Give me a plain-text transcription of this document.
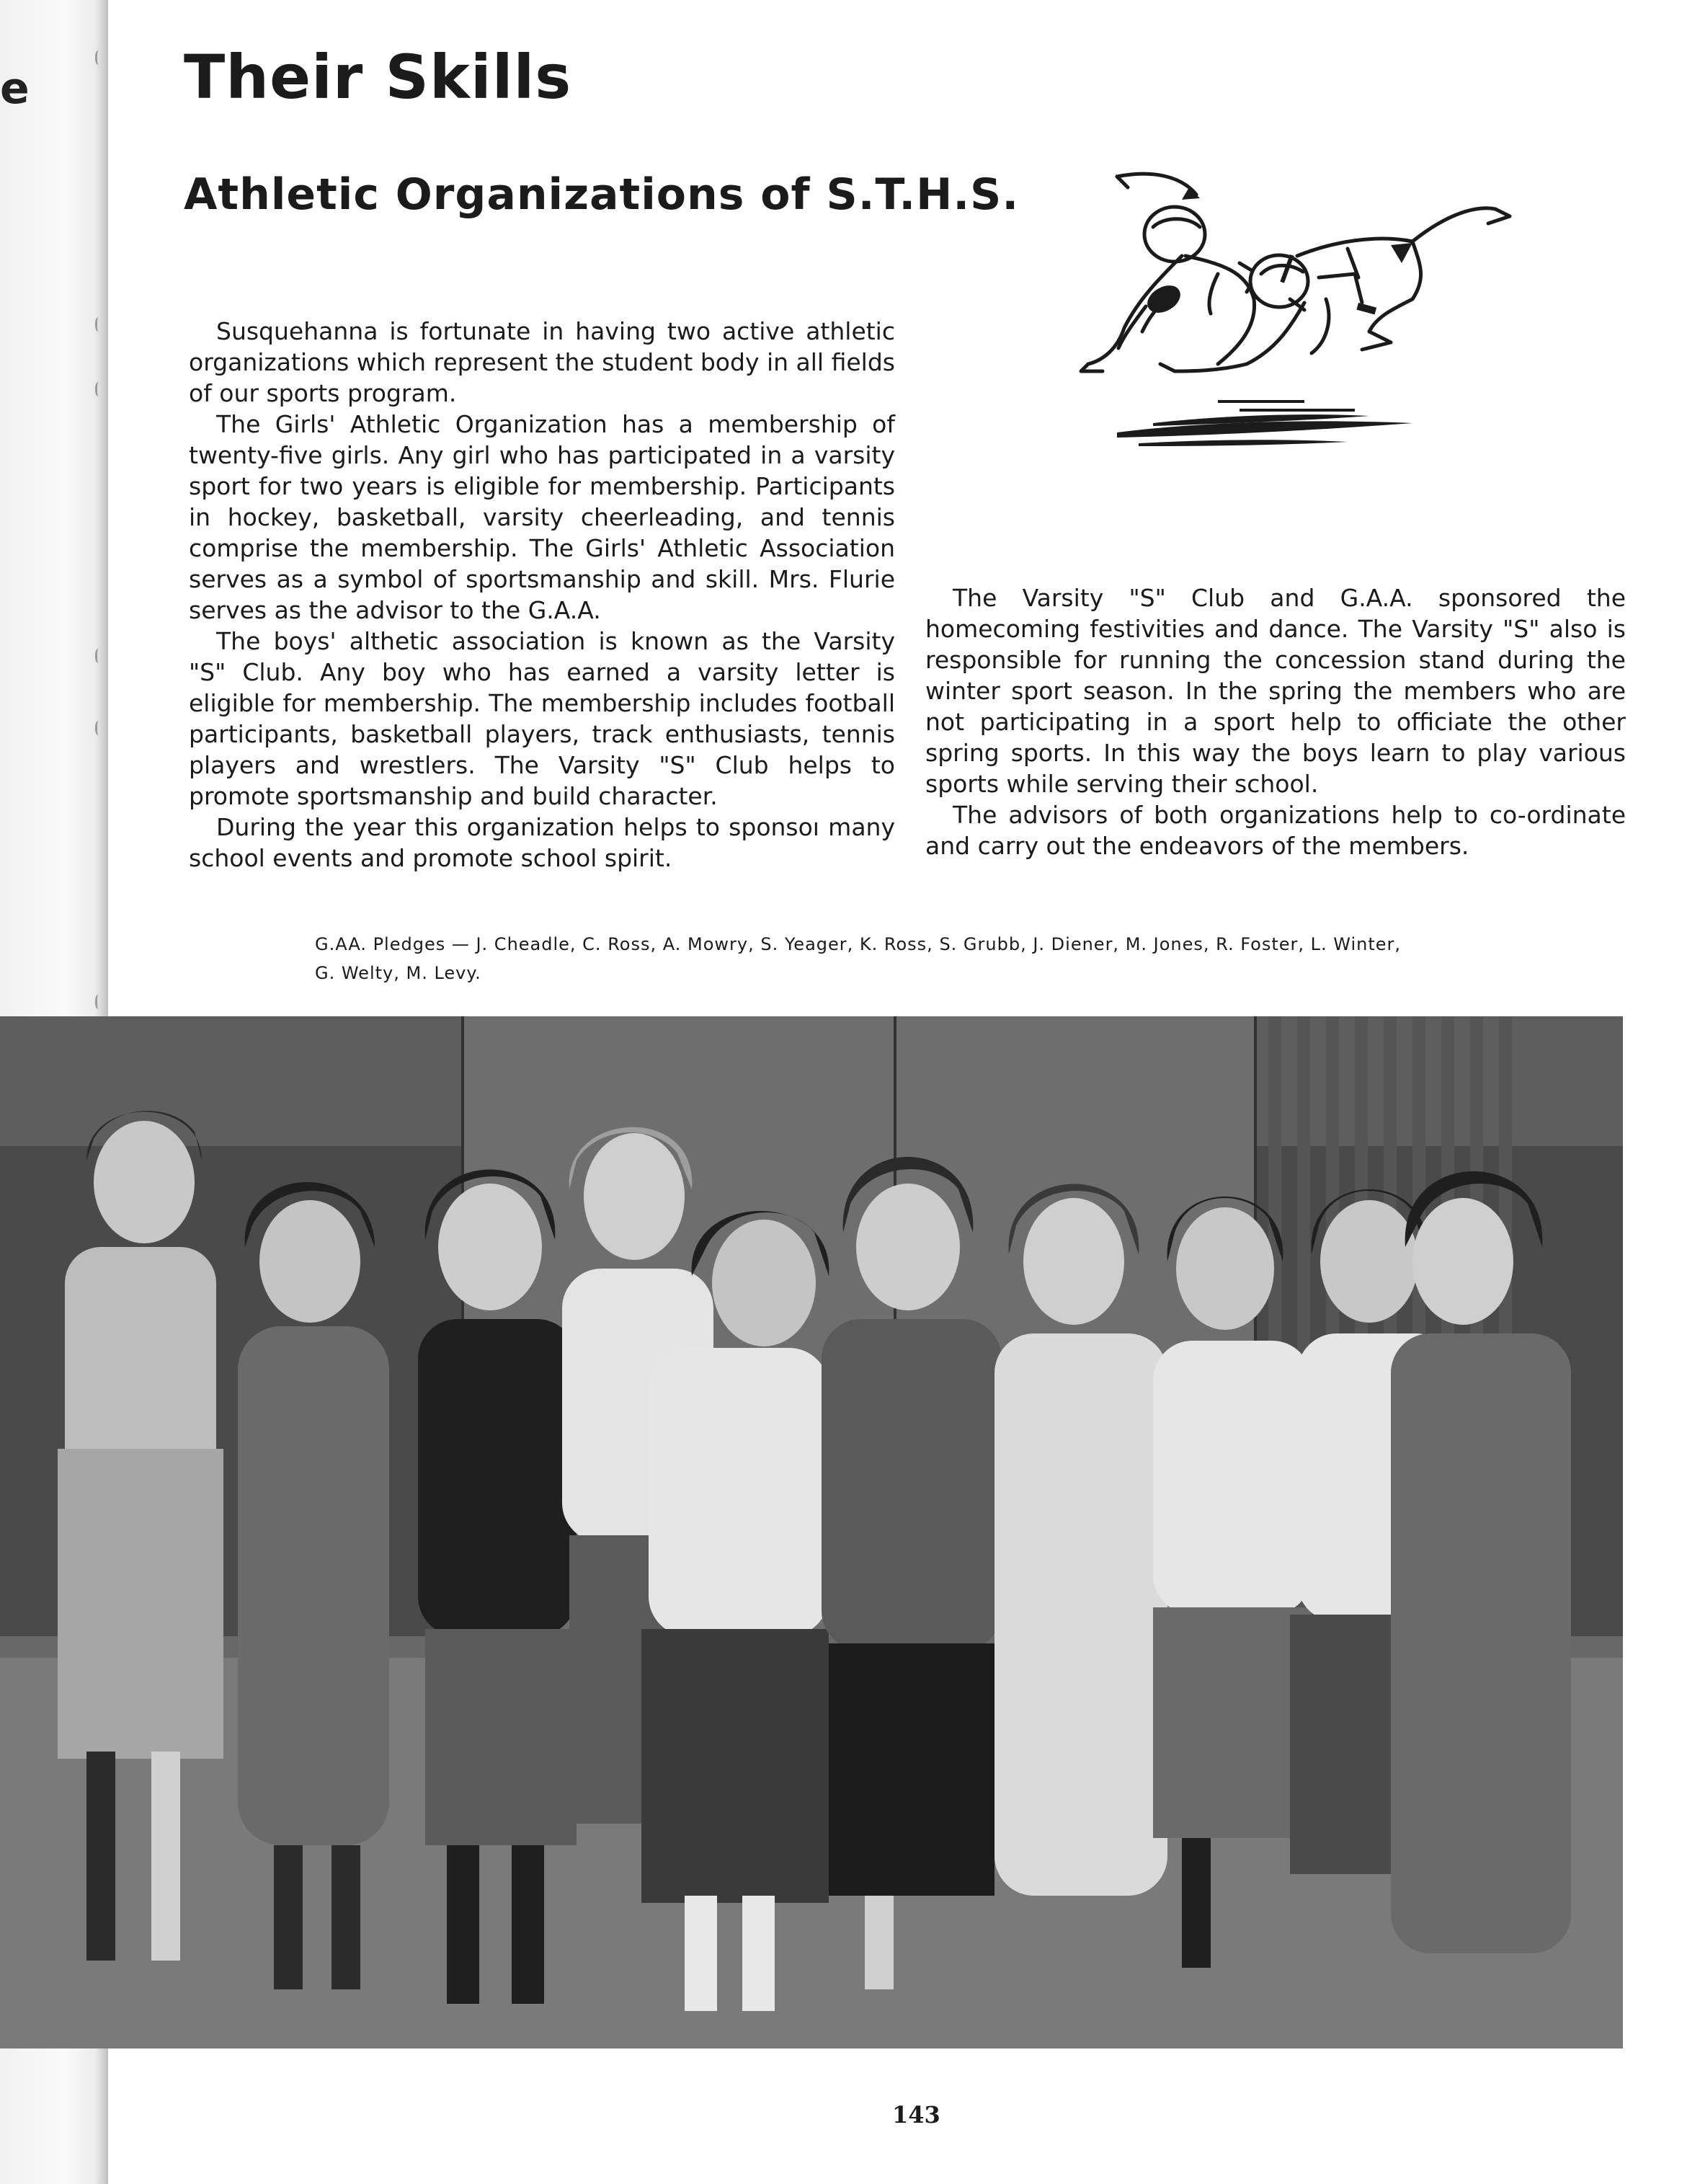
e	Their Skills
Athletic Organizations of S.T.H.S.

Susquehanna is fortunate in having two active athletic organizations which represent the student body in all fields of our sports program.

The Girls' Athletic Organization has a membership of twenty-five girls. Any girl who has participated in a varsity sport for two years is eligible for membership. Participants in hockey, basketball, varsity cheerleading, and tennis comprise the membership. The Girls' Athletic Association serves as a symbol of sportsmanship and skill. Mrs. Flurie serves as the advisor to the G.A.A.

The boys' althetic association is known as the Varsity "S" Club. Any boy who has earned a varsity letter is eligible for membership. The membership includes football participants, basketball players, track enthusiasts, tennis players and wrestlers. The Varsity "S" Club helps to promote sportsmanship and build character.

During the year this organization helps to sponsoı many school events and promote school spirit.

The Varsity "S" Club and G.A.A. sponsored the homecoming festivities and dance. The Varsity "S" also is responsible for running the concession stand during the winter sport season. In the spring the members who are not participating in a sport help to officiate the other spring sports. In this way the boys learn to play various sports while serving their school.

The advisors of both organizations help to co-ordinate and carry out the endeavors of the members.

G.AA. Pledges — J. Cheadle, C. Ross, A. Mowry, S. Yeager, K. Ross, S. Grubb, J. Diener, M. Jones, R. Foster, L. Winter, G. Welty, M. Levy.

143
